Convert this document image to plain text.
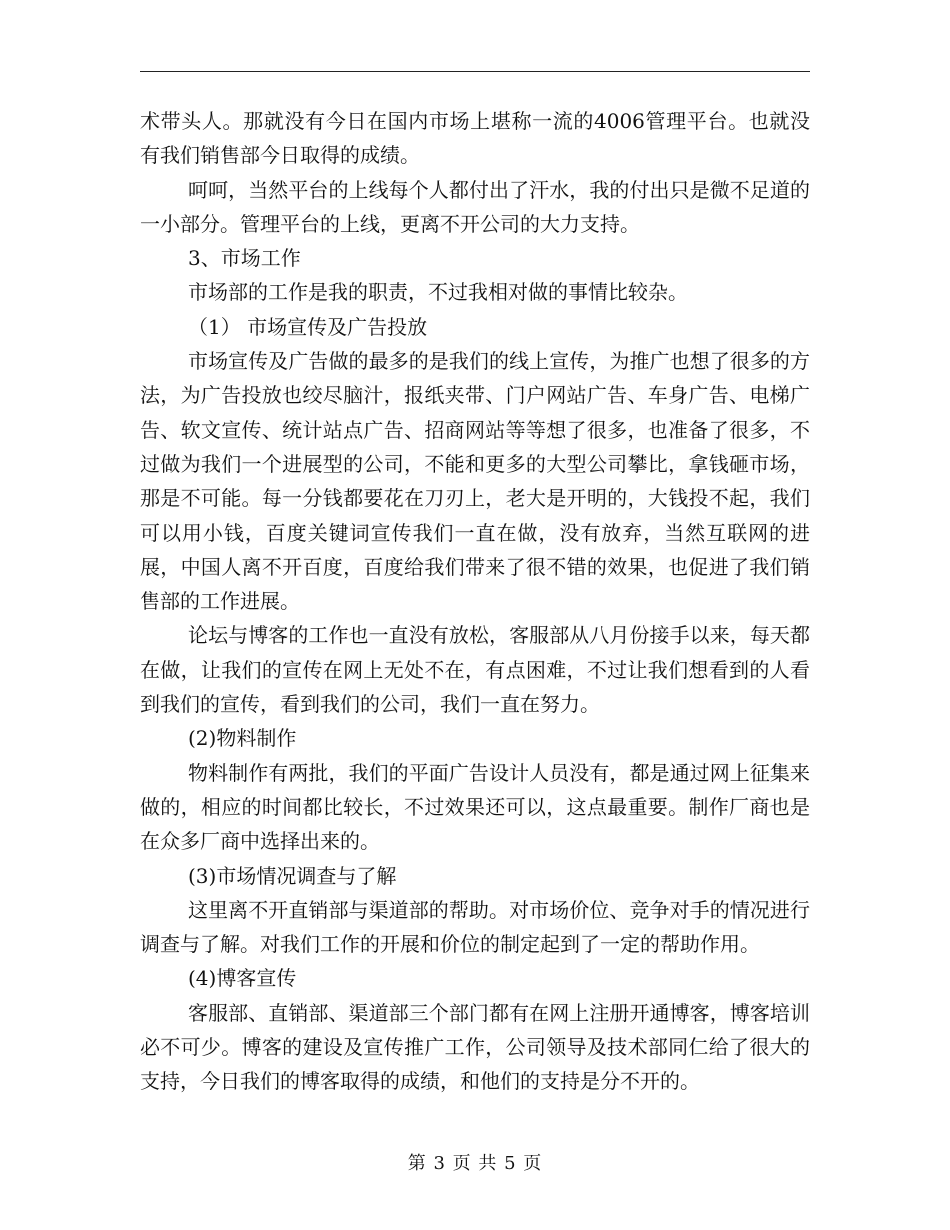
术带头人。那就没有今日在国内市场上堪称一流的4006管理平台。也就没有我们销售部今日取得的成绩。

呵呵，当然平台的上线每个人都付出了汗水，我的付出只是微不足道的一小部分。管理平台的上线，更离不开公司的大力支持。

3、市场工作

市场部的工作是我的职责，不过我相对做的事情比较杂。

（1） 市场宣传及广告投放

市场宣传及广告做的最多的是我们的线上宣传，为推广也想了很多的方法，为广告投放也绞尽脑汁，报纸夹带、门户网站广告、车身广告、电梯广告、软文宣传、统计站点广告、招商网站等等想了很多，也准备了很多，不过做为我们一个进展型的公司，不能和更多的大型公司攀比，拿钱砸市场，那是不可能。每一分钱都要花在刀刃上，老大是开明的，大钱投不起，我们可以用小钱，百度关键词宣传我们一直在做，没有放弃，当然互联网的进展，中国人离不开百度，百度给我们带来了很不错的效果，也促进了我们销售部的工作进展。

论坛与博客的工作也一直没有放松，客服部从八月份接手以来，每天都在做，让我们的宣传在网上无处不在，有点困难，不过让我们想看到的人看到我们的宣传，看到我们的公司，我们一直在努力。

(2)物料制作

物料制作有两批，我们的平面广告设计人员没有，都是通过网上征集来做的，相应的时间都比较长，不过效果还可以，这点最重要。制作厂商也是在众多厂商中选择出来的。

(3)市场情况调查与了解

这里离不开直销部与渠道部的帮助。对市场价位、竞争对手的情况进行调查与了解。对我们工作的开展和价位的制定起到了一定的帮助作用。

(4)博客宣传

客服部、直销部、渠道部三个部门都有在网上注册开通博客，博客培训必不可少。博客的建设及宣传推广工作，公司领导及技术部同仁给了很大的支持，今日我们的博客取得的成绩，和他们的支持是分不开的。

第 3 页 共 5 页
